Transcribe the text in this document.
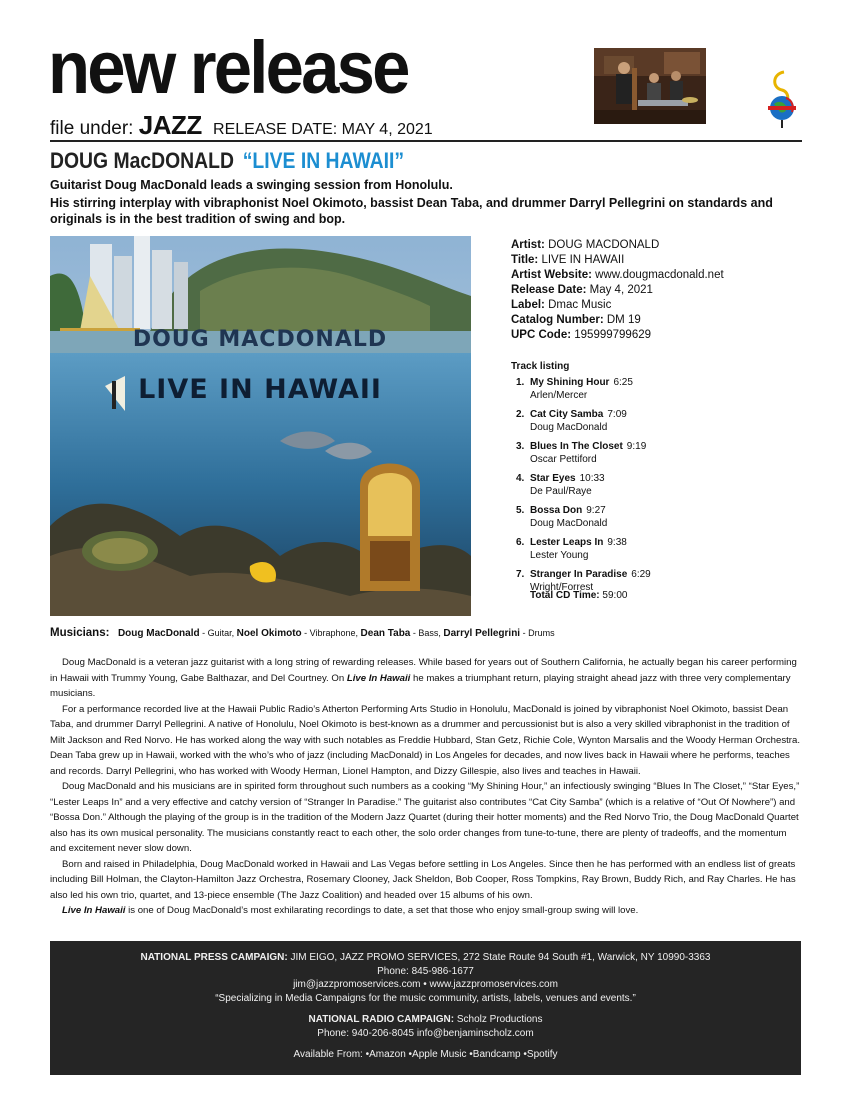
new release
file under: JAZZ RELEASE DATE: MAY 4, 2021
DOUG MacDONALD “LIVE IN HAWAII”
Guitarist Doug MacDonald leads a swinging session from Honolulu.
His stirring interplay with vibraphonist Noel Okimoto, bassist Dean Taba, and drummer Darryl Pellegrini on standards and originals is in the best tradition of swing and bop.
DOUG MACDONALD
LIVE IN HAWAII
Artist: DOUG MACDONALD
Title: LIVE IN HAWAII
Artist Website: www.dougmacdonald.net
Release Date: May 4, 2021
Label: Dmac Music
Catalog Number: DM 19
UPC Code: 195999799629
Track listing
1. My Shining Hour 6:25
Arlen/Mercer
2. Cat City Samba 7:09
Doug MacDonald
3. Blues In The Closet 9:19
Oscar Pettiford
4. Star Eyes 10:33
De Paul/Raye
5. Bossa Don 9:27
Doug MacDonald
6. Lester Leaps In 9:38
Lester Young
7. Stranger In Paradise 6:29
Wright/Forrest
Total CD Time: 59:00
Musicians: Doug MacDonald - Guitar, Noel Okimoto - Vibraphone, Dean Taba - Bass, Darryl Pellegrini - Drums

Doug MacDonald is a veteran jazz guitarist with a long string of rewarding releases. While based for years out of Southern California, he actually began his career performing in Hawaii with Trummy Young, Gabe Balthazar, and Del Courtney. On Live In Hawaii he makes a triumphant return, playing straight ahead jazz with three very complementary musicians.

For a performance recorded live at the Hawaii Public Radio’s Atherton Performing Arts Studio in Honolulu, MacDonald is joined by vibraphonist Noel Okimoto, bassist Dean Taba, and drummer Darryl Pellegrini. A native of Honolulu, Noel Okimoto is best-known as a drummer and percussionist but is also a very skilled vibraphonist in the tradition of Milt Jackson and Red Norvo. He has worked along the way with such notables as Freddie Hubbard, Stan Getz, Richie Cole, Wynton Marsalis and the Woody Herman Orchestra. Dean Taba grew up in Hawaii, worked with the who’s who of jazz (including MacDonald) in Los Angeles for decades, and now lives back in Hawaii where he performs, teaches and records. Darryl Pellegrini, who has worked with Woody Herman, Lionel Hampton, and Dizzy Gillespie, also lives and teaches in Hawaii.

Doug MacDonald and his musicians are in spirited form throughout such numbers as a cooking “My Shining Hour,” an infectiously swinging “Blues In The Closet,” “Star Eyes,” “Lester Leaps In” and a very effective and catchy version of “Stranger In Paradise.” The guitarist also contributes “Cat City Samba” (which is a relative of “Out Of Nowhere”) and “Bossa Don.” Although the playing of the group is in the tradition of the Modern Jazz Quartet (during their hotter moments) and the Red Norvo Trio, the Doug MacDonald Quartet also has its own musical personality. The musicians constantly react to each other, the solo order changes from tune-to-tune, there are plenty of tradeoffs, and the momentum and excitement never slow down.

Born and raised in Philadelphia, Doug MacDonald worked in Hawaii and Las Vegas before settling in Los Angeles. Since then he has performed with an endless list of greats including Bill Holman, the Clayton-Hamilton Jazz Orchestra, Rosemary Clooney, Jack Sheldon, Bob Cooper, Ross Tompkins, Ray Brown, Buddy Rich, and Ray Charles. He has also led his own trio, quartet, and 13-piece ensemble (The Jazz Coalition) and headed over 15 albums of his own.

Live In Hawaii is one of Doug MacDonald’s most exhilarating recordings to date, a set that those who enjoy small-group swing will love.

NATIONAL PRESS CAMPAIGN: JIM EIGO, JAZZ PROMO SERVICES, 272 State Route 94 South #1, Warwick, NY 10990-3363
Phone: 845-986-1677
jim@jazzpromoservices.com • www.jazzpromoservices.com
“Specializing in Media Campaigns for the music community, artists, labels, venues and events.”
NATIONAL RADIO CAMPAIGN: Scholz Productions
Phone: 940-206-8045 info@benjaminscholz.com
Available From: •Amazon •Apple Music •Bandcamp •Spotify
